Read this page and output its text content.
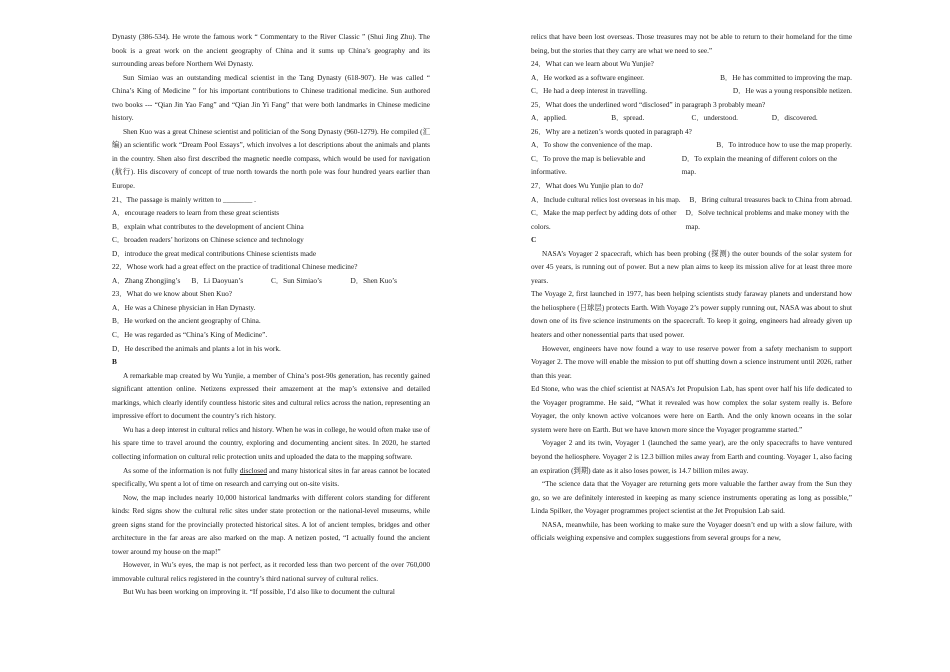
Dynasty (386-534). He wrote the famous work “ Commentary to the River Classic ” (Shui Jing Zhu). The book is a great work on the ancient geography of China and it sums up China’s geography and its surrounding areas before Northern Wei Dynasty.

Sun Simiao was an outstanding medical scientist in the Tang Dynasty (618-907). He was called “ China’s King of Medicine ” for his important contributions to Chinese traditional medicine. Sun authored two books --- “Qian Jin Yao Fang” and “Qian Jin Yi Fang” that were both landmarks in Chinese medicine history.

Shen Kuo was a great Chinese scientist and politician of the Song Dynasty (960-1279). He compiled (汇编) an scientific work “Dream Pool Essays”, which involves a lot descriptions about the animals and plants in the country. Shen also first described the magnetic needle compass, which would be used for navigation (航行). His discovery of concept of true north towards the north pole was four hundred years earlier than Europe.

21、The passage is mainly written to ________ .

A．encourage readers to learn from these great scientists

B．explain what contributes to the development of ancient China

C．broaden readers’ horizons on Chinese science and technology

D．introduce the great medical contributions Chinese scientists made

22．Whose work had a great effect on the practice of traditional Chinese medicine?

A．Zhang Zhongjing’s	B．Li Daoyuan’s	C．Sun Simiao’s	D．Shen Kuo’s

23．What do we know about Shen Kuo?

A．He was a Chinese physician in Han Dynasty.

B．He worked on the ancient geography of China.

C．He was regarded as “China’s King of Medicine”.

D．He described the animals and plants a lot in his work.

B

A remarkable map created by Wu Yunjie, a member of China’s post-90s generation, has recently gained significant attention online. Netizens expressed their amazement at the map’s extensive and detailed markings, which clearly identify countless historic sites and cultural relics across the nation, representing an impressive effort to document the country’s rich history.

Wu has a deep interest in cultural relics and history. When he was in college, he would often make use of his spare time to travel around the country, exploring and documenting ancient sites. In 2020, he started collecting information on cultural relic protection units and uploaded the data to the mapping software.

As some of the information is not fully disclosed and many historical sites in far areas cannot be located specifically, Wu spent a lot of time on research and carrying out on-site visits.

Now, the map includes nearly 10,000 historical landmarks with different colors standing for different kinds: Red signs show the cultural relic sites under state protection or the national-level museums, while green signs stand for the provincially protected historical sites. A lot of ancient temples, bridges and other architecture in the far areas are also marked on the map. A netizen posted, “I actually found the ancient tower around my house on the map!”

However, in Wu’s eyes, the map is not perfect, as it recorded less than two percent of the over 760,000 immovable cultural relics registered in the country’s third national survey of cultural relics.

But Wu has been working on improving it. “If possible, I’d also like to document the cultural

relics that have been lost overseas. Those treasures may not be able to return to their homeland for the time being, but the stories that they carry are what we need to see.”

24．What can we learn about Wu Yunjie?

A．He worked as a software engineer.	B．He has committed to improving the map.
C．He had a deep interest in travelling.	D．He was a young responsible netizen.

25．What does the underlined word “disclosed” in paragraph 3 probably mean?

A．applied.	B．spread.	C．understood.	D．discovered.

26．Why are a netizen’s words quoted in paragraph 4?

A．To show the convenience of the map.	B．To introduce how to use the map properly.
C．To prove the map is believable and informative.
D．To explain the meaning of different colors on the map.

27．What does Wu Yunjie plan to do?

A．Include cultural relics lost overseas in his map. B．Bring cultural treasures back to China from abroad.
C．Make the map perfect by adding dots of other colors.
D．Solve technical problems and make money with the map.

C

NASA’s Voyager 2 spacecraft, which has been probing (探测) the outer bounds of the solar system for over 45 years, is running out of power. But a new plan aims to keep its mission alive for at least three more years.

The Voyage 2, first launched in 1977, has been helping scientists study faraway planets and understand how the heliosphere (日球层) protects Earth. With Voyage 2’s power supply running out, NASA was about to shut down one of its five science instruments on the spacecraft. To keep it going, engineers had already given up heaters and other nonessential parts that used power.

However, engineers have now found a way to use reserve power from a safety mechanism to support Voyager 2. The move will enable the mission to put off shutting down a science instrument until 2026, rather than this year.

Ed Stone, who was the chief scientist at NASA’s Jet Propulsion Lab, has spent over half his life dedicated to the Voyager programme. He said, “What it revealed was how complex the solar system really is. Before Voyager, the only known active volcanoes were here on Earth. And the only known oceans in the solar system were here on Earth. But we have known more since the Voyager programme started.”

Voyager 2 and its twin, Voyager 1 (launched the same year), are the only spacecrafts to have ventured beyond the heliosphere. Voyager 2 is 12.3 billion miles away from Earth and counting. Voyager 1, also facing an expiration (到期) date as it also loses power, is 14.7 billion miles away.

“The science data that the Voyager are returning gets more valuable the farther away from the Sun they go, so we are definitely interested in keeping as many science instruments operating as long as possible,” Linda Spilker, the Voyager programmes project scientist at the Jet Propulsion Lab said.

NASA, meanwhile, has been working to make sure the Voyager doesn’t end up with a slow failure, with officials weighing expensive and complex suggestions from several groups for a new,
